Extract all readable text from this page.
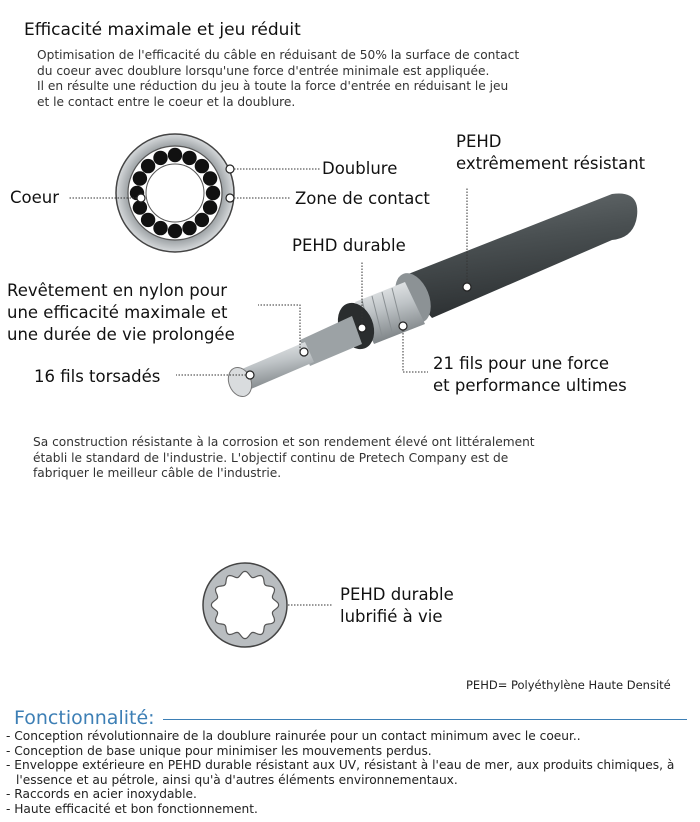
Efficacité maximale et jeu réduit
Optimisation de l'efficacité du câble en réduisant de 50% la surface de contact
du coeur avec doublure lorsqu'une force d'entrée minimale est appliquée.
Il en résulte une réduction du jeu à toute la force d'entrée en réduisant le jeu
et le contact entre le coeur et la doublure.
Doublure
Coeur	Zone de contact
PEHD
extrêmement résistant
PEHD durable
Revêtement en nylon pour
une efficacité maximale et
une durée de vie prolongée
16 fils torsadés
21 fils pour une force
et performance ultimes
Sa construction résistante à la corrosion et son rendement élevé ont littéralement
établi le standard de l'industrie. L'objectif continu de Pretech Company est de
fabriquer le meilleur câble de l'industrie.
PEHD durable
lubrifié à vie
PEHD= Polyéthylène Haute Densité
Fonctionnalité:
- Conception révolutionnaire de la doublure rainurée pour un contact minimum avec le coeur..
- Conception de base unique pour minimiser les mouvements perdus.
- Enveloppe extérieure en PEHD durable résistant aux UV, résistant à l'eau de mer, aux produits chimiques, à l'essence et au pétrole, ainsi qu'à d'autres éléments environnementaux.
- Raccords en acier inoxydable.
- Haute efficacité et bon fonctionnement.
